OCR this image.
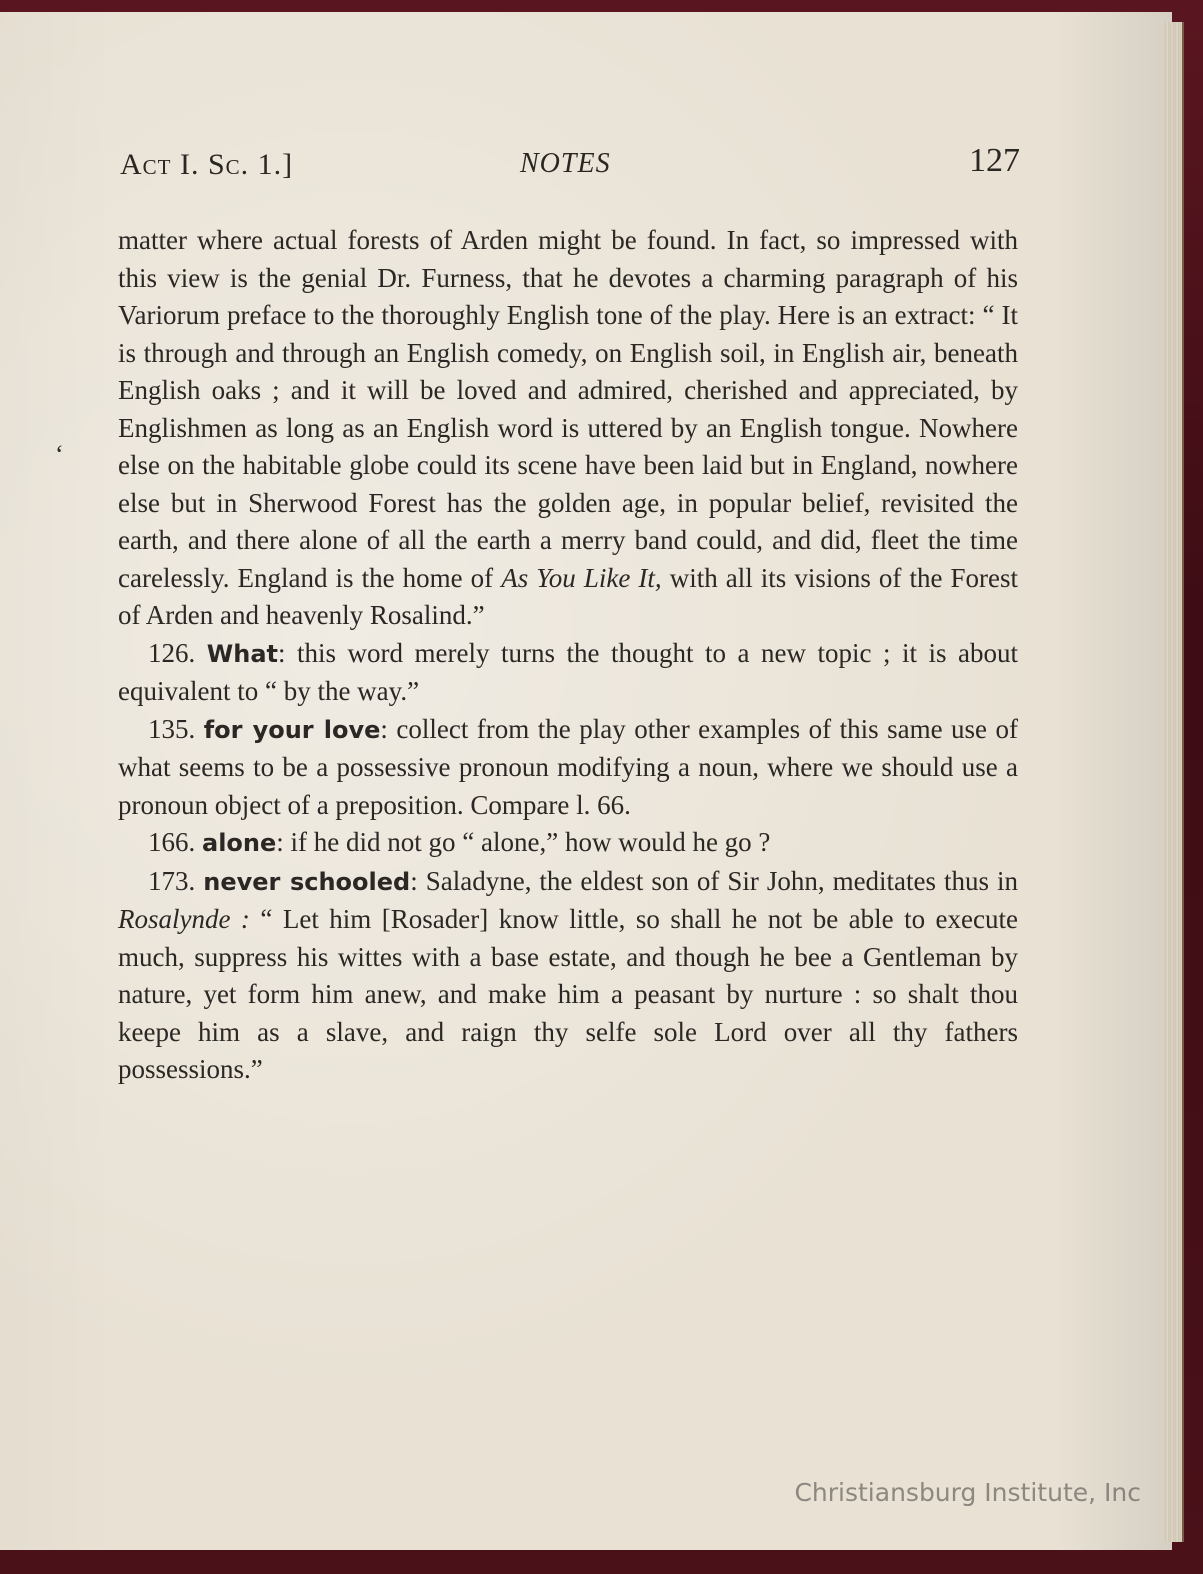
Act I. Sc. 1.]	NOTES	127
‘

matter where actual forests of Arden might be found. In fact, so impressed with this view is the genial Dr. Furness, that he devotes a charming paragraph of his Variorum preface to the thoroughly English tone of the play. Here is an extract: “ It is through and through an English comedy, on English soil, in English air, beneath English oaks ; and it will be loved and admired, cherished and appreciated, by Englishmen as long as an English word is uttered by an English tongue. Nowhere else on the habitable globe could its scene have been laid but in England, nowhere else but in Sherwood Forest has the golden age, in popular belief, revisited the earth, and there alone of all the earth a merry band could, and did, fleet the time carelessly. England is the home of As You Like It, with all its visions of the Forest of Arden and heavenly Rosalind.”

126. What: this word merely turns the thought to a new topic ; it is about equivalent to “ by the way.”

135. for your love: collect from the play other examples of this same use of what seems to be a possessive pronoun modifying a noun, where we should use a pronoun object of a preposition. Compare l. 66.

166. alone: if he did not go “ alone,” how would he go ?

173. never schooled: Saladyne, the eldest son of Sir John, meditates thus in Rosalynde : “ Let him [Rosader] know little, so shall he not be able to execute much, suppress his wittes with a base estate, and though he bee a Gentleman by nature, yet form him anew, and make him a peasant by nurture : so shalt thou keepe him as a slave, and raign thy selfe sole Lord over all thy fathers possessions.”

Christiansburg Institute, Inc
